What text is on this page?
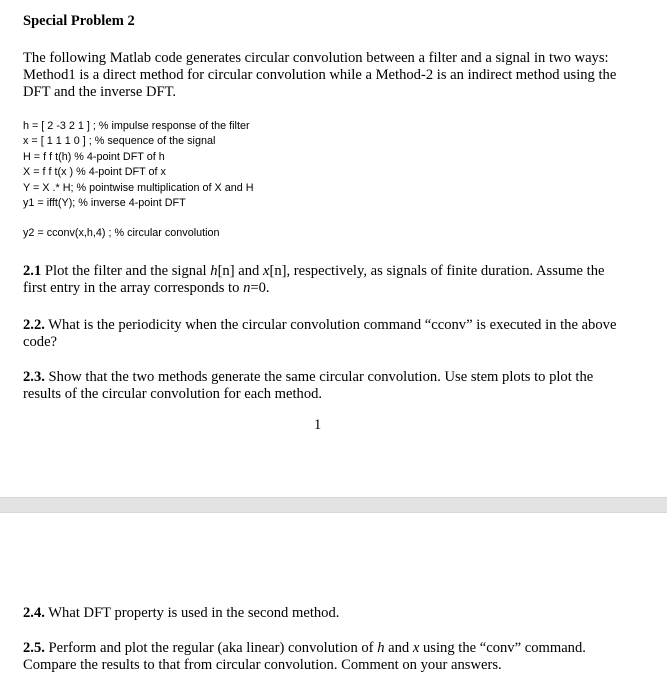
Special Problem 2
The following Matlab code generates circular convolution between a filter and a signal in two ways: Method1 is a direct method for circular convolution while a Method-2 is an indirect method using the DFT and the inverse DFT.
h = [ 2 -3 2 1 ] ; % impulse response of the filter
x = [ 1 1 1 0 ] ; % sequence of the signal
H = f f t(h) % 4-point DFT of h
X = f f t(x ) % 4-point DFT of x
Y = X .* H; % pointwise multiplication of X and H
y1 = ifft(Y); % inverse 4-point DFT
y2 = cconv(x,h,4) ; % circular convolution
2.1 Plot the filter and the signal h[n] and x[n], respectively, as signals of finite duration. Assume the first entry in the array corresponds to n=0.
2.2. What is the periodicity when the circular convolution command “cconv” is executed in the above code?
2.3. Show that the two methods generate the same circular convolution. Use stem plots to plot the results of the circular convolution for each method.
1
2.4. What DFT property is used in the second method.
2.5. Perform and plot the regular (aka linear) convolution of h and x using the “conv” command. Compare the results to that from circular convolution. Comment on your answers.
